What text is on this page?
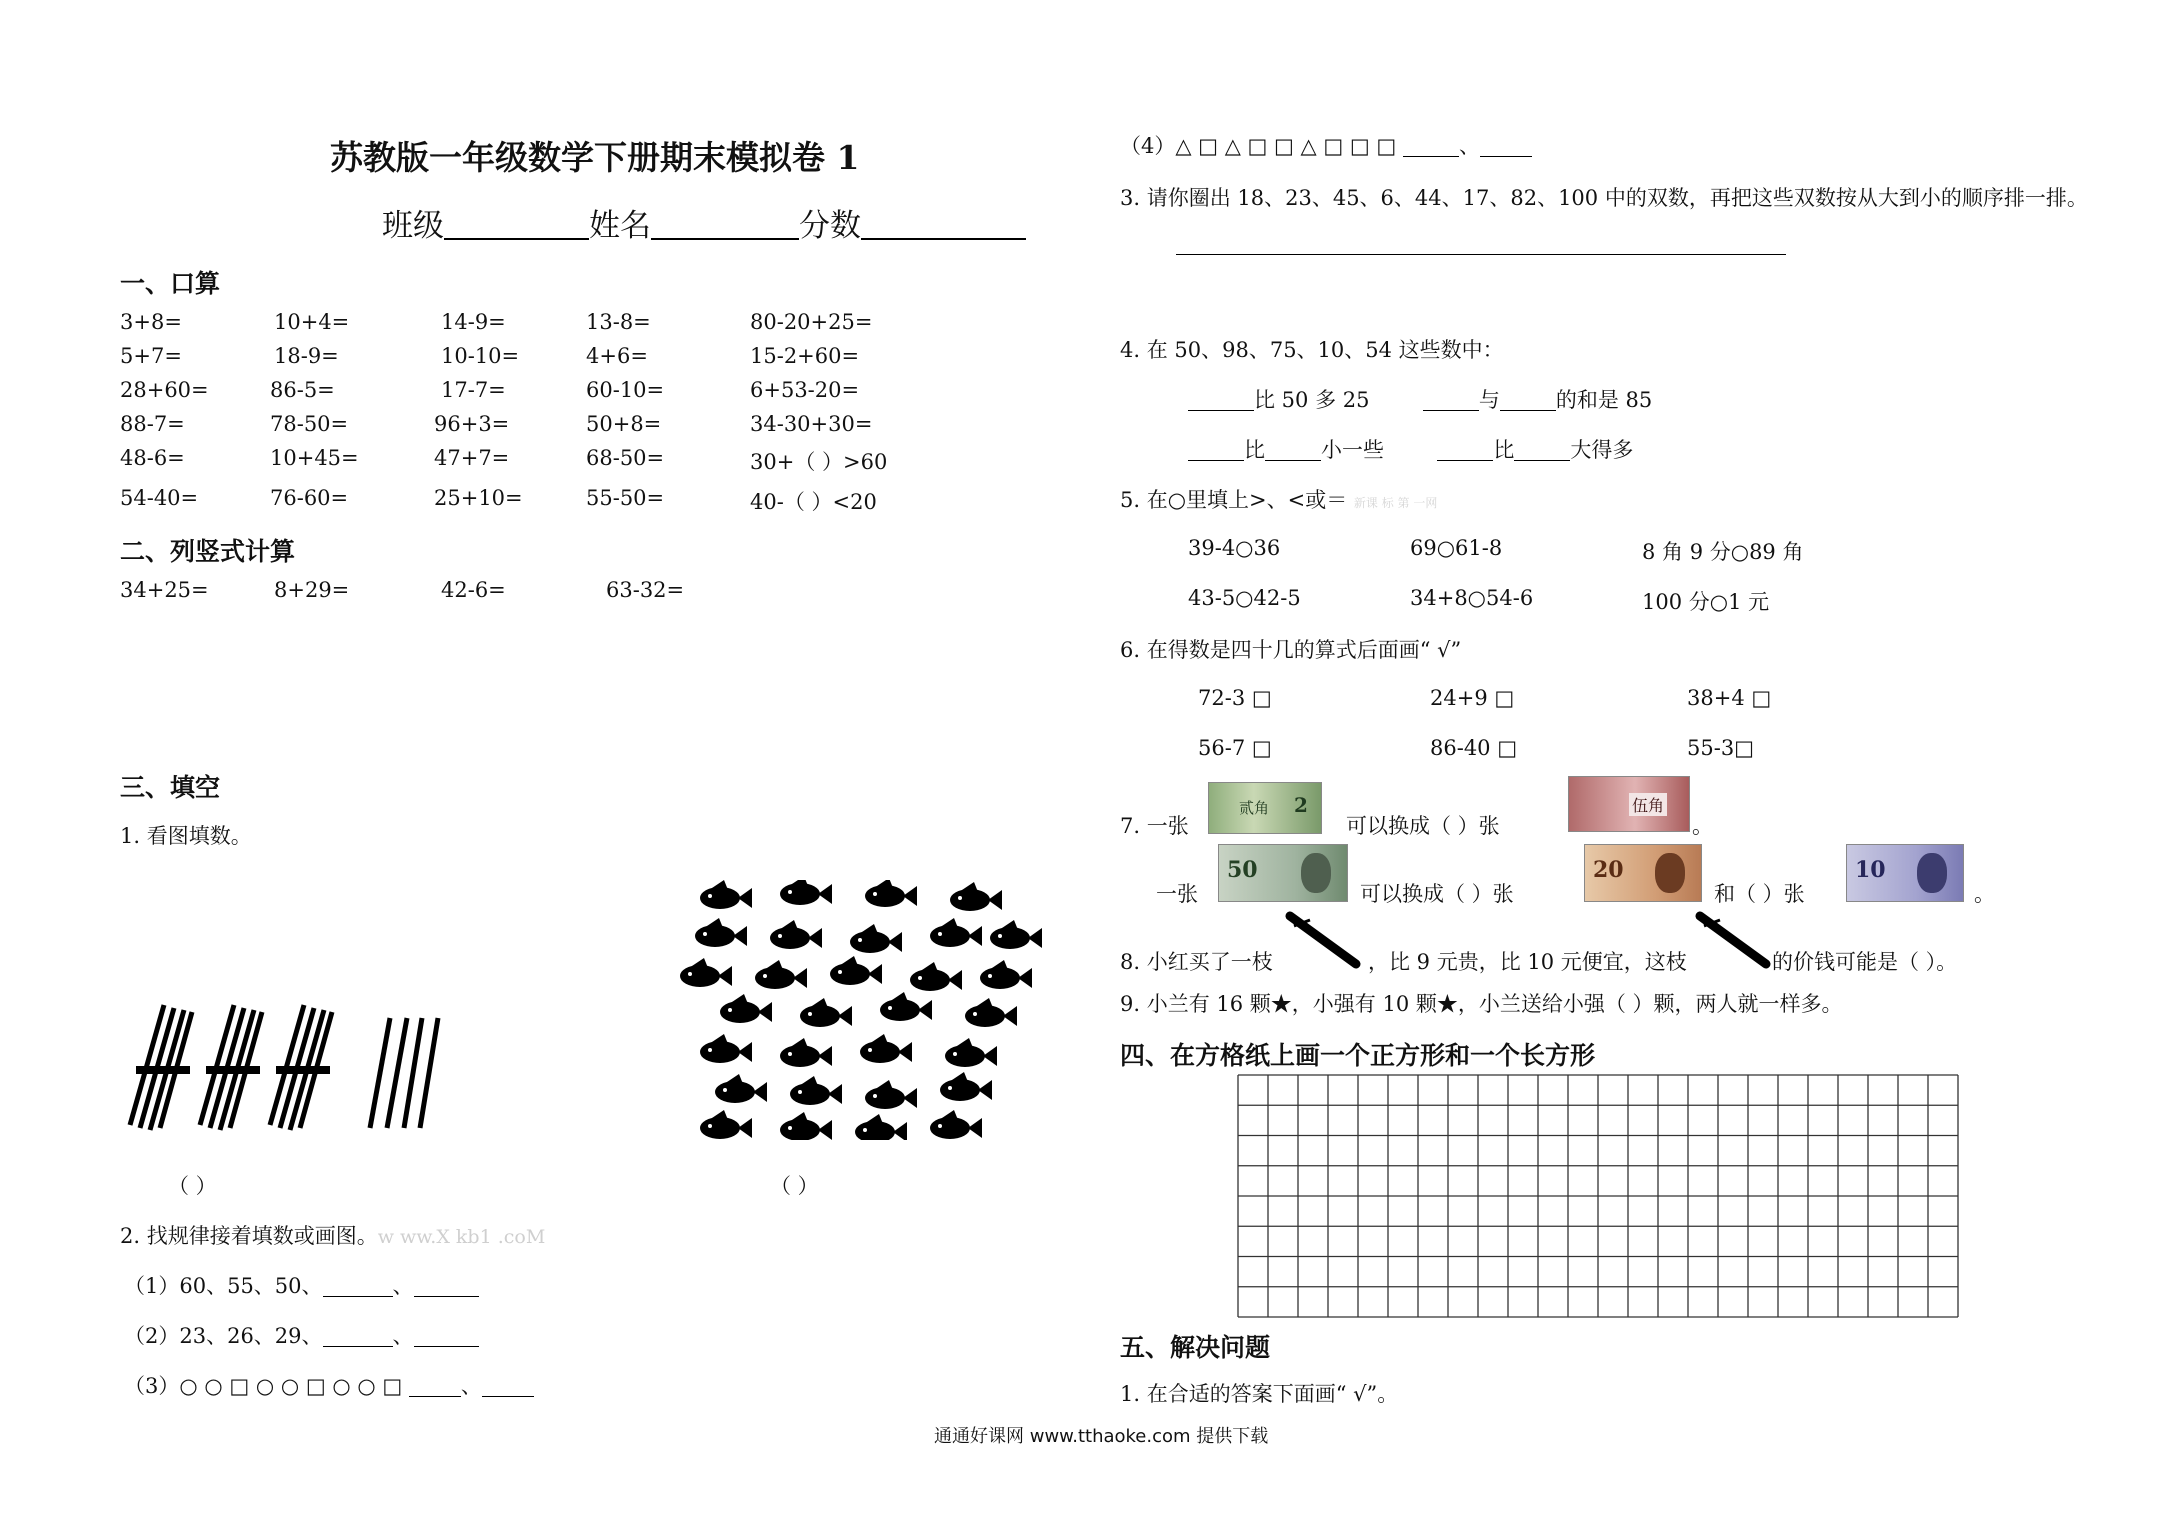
苏教版一年级数学下册期末模拟卷 1
班级	姓名	分数
一、口算
3+8=	10+4=	14-9=	13-8=	80-20+25=
5+7=	18-9=	10-10=	4+6=	15-2+60=
28+60=	86-5=	17-7=	60-10=	6+53-20=
88-7=	78-50=	96+3=	50+8=	34-30+30=
48-6=	10+45=	47+7=	68-50=	30+（ ）>60
54-40=	76-60=	25+10=	55-50=	40-（ ）<20
二、列竖式计算
34+25=	8+29=	42-6=	63-32=
三、填空
1. 看图填数。
（ ）	（ ）
2. 找规律接着填数或画图。w ww.X kb1 .coM
（1）60、55、50、	、
（2）23、26、29、	、
（3）○ ○ □ ○ ○ □ ○ ○ □	、
（4）△ □ △ □ □ △ □ □ □	、
3. 请你圈出 18、23、45、6、44、17、82、100 中的双数，再把这些双数按从大到小的顺序排一排。
4. 在 50、98、75、10、54 这些数中：
比 50 多 25	与	的和是 85
比	小一些	比	大得多
5. 在○里填上>、<或＝ 新课 标 第 一网
39-4○36	69○61-8	8 角 9 分○89 角
43-5○42-5	34+8○54-6	100 分○1 元
6. 在得数是四十几的算式后面画“ √”
72-3 □	24+9 □	38+4 □
56-7 □	86-40 □	55-3□
7. 一张
贰角 2
可以换成（ ）张
伍角
。
一张
50
可以换成（ ）张
20
和（ ）张
10
。
8. 小红买了一枝	，比 9 元贵，比 10 元便宜，这枝	的价钱可能是（ ）。
9. 小兰有 16 颗★，小强有 10 颗★，小兰送给小强（ ）颗，两人就一样多。
四、在方格纸上画一个正方形和一个长方形
五、解决问题
1. 在合适的答案下面画“ √”。
通通好课网 www.tthaoke.com 提供下载
